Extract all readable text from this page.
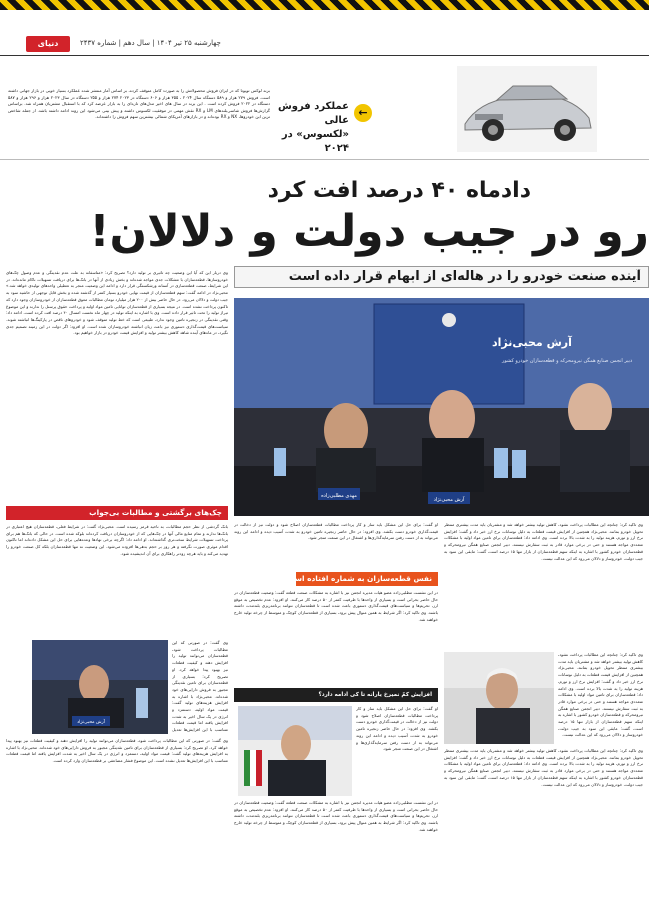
دنیای خودرو
چهارشنبه ۲۵ تیر ۱۴۰۴ | سال دهم | شماره ۲۴۳۷
عملکرد فروش عالی
«لکسوس» در ۲۰۲۴
←
برند لوکس تویوتا که در ایران فروش محصولاتش را به صورت کامل متوقف کرده، بر اساس آمار منتشر شده عملکرد بسیار خوبی در بازار جهانی داشته است. فروش ۲۷۹ هزار و ۵۸۹ دستگاه سال ۲۰۲۴ ، ۳۵۵ هزار و ۶۰۶ دستگاه در ۲۰۲۳ ۲۷۴ هزار و ۲۵۵ دستگاه در سال ۲۰۲۳ هزار و ۲۹۶ هزار و ۵۸۷ دستگاه در ۲۰۲۲ فروش کرده است . این برند در سال های اخیر مدل‌های تازه‌ای را به بازار عرضه کرد که با استقبال مشتریان همراه شد. براساس گزارش‌ها فروش شاسی‌بلندهای LM و RX نقش مهمی در موفقیت لکسوس داشته و پیش بینی می‌شود این روند ادامه داشته باشد. از جمله شاخص ترین این خودروها، NX و RX بوده‌اند و در بازارهای آمریکای شمالی بیشترین سهم فروش را داشته‌اند.
دادماه ۴۰ درصد افت کرد
رو در جیب دولت و دلالان!
آینده صنعت خودرو را در هاله‌ای از ابهام قرار داده است
وی دربار این که آیا این وضعیت چه تاثیری بر تولید دارد؟ تصریح کرد: «متاسفانه به علت عدم نقدینگی و عدم وصول چک‌های خودروسازها، قطعه‌سازان با مشکلات جدی مواجه شده‌اند و بخش زیادی از آنها در بانک‌ها برای دریافت تسهیلات ناکام مانده‌اند. در این شرایط، صنعت قطعه‌سازی در آستانه ورشکستگی قرار دارد و ادامه این وضعیت منجر به تعطیلی واحدهای تولیدی خواهد شد.» محبی‌نژاد در ادامه گفت: سهم قطعه‌سازان از قیمت نهایی خودرو بسیار کمتر از گذشته شده و بخش قابل توجهی از حاشیه سود به جیب دولت و دلالان می‌رود. در حال حاضر بیش از ۲۰۰ هزار میلیارد تومان مطالبات معوق قطعه‌سازان از خودروسازان وجود دارد که تاکنون پرداخت نشده است. در نتیجه بسیاری از قطعه‌سازان توانایی تامین مواد اولیه و پرداخت حقوق پرسنل را ندارند و این موضوع تیراژ تولید را تحت تاثیر قرار داده است. وی با اشاره به اینکه تولید در چهار ماه نخست امسال ۴۰ درصد افت کرده است، ادامه داد: وقتی نقدینگی در زنجیره تامین وجود ندارد، طبیعی است که خط تولید متوقف شود و خودروهای ناقص در پارکینگ‌ها انباشته شوند. سیاست‌های قیمت‌گذاری دستوری نیز باعث زیان انباشته خودروسازان شده است. او افزود: اگر دولت در این زمینه تصمیم جدی نگیرد، در ماه‌های آینده شاهد کاهش بیشتر تولید و افزایش قیمت خودرو در بازار خواهیم بود.
آرش محبی‌نژاد
دبیر انجمن صنایع همگن نیرومحرکه و قطعه‌سازان خودرو کشور
مهدی مطلبی‌زاده
آرش محبی‌نژاد
چک‌های برگشتی و مطالبات بی‌جواب
بانک گردشی از نظر حجم مطالبات، به ناحیه قرمز رسیده است. محبی‌نژاد گفت: در شرایط فعلی، قطعه‌سازان هیچ اعتباری در بانک‌ها ندارند و تمام منابع مالی آنها در چک‌هایی که از خودروسازان دریافت کرده‌اند بلوکه شده است. در حالی که بانک‌ها هم برای پرداخت تسهیلات شرایط سخت‌تری گذاشته‌اند. او ادامه داد: اگرچه برخی نهادها وعده‌هایی برای حل این مشکل داده‌اند اما تاکنون اقدام موثری صورت نگرفته و هر روز بر حجم بدهی‌ها افزوده می‌شود. این وضعیت نه تنها قطعه‌سازان بلکه کل صنعت خودرو را تهدید می‌کند و باید هرچه زودتر راهکاری برای آن اندیشیده شود.
آرش محبی‌نژاد
وی گفت: در صورتی که این مطالبات پرداخت شود، قطعه‌سازان می‌توانند تولید را افزایش دهند و کیفیت قطعات نیز بهبود پیدا خواهد کرد. او تصریح کرد: بسیاری از قطعه‌سازان برای تامین نقدینگی مجبور به فروش دارایی‌های خود شده‌اند. محبی‌نژاد با اشاره به افزایش هزینه‌های تولید گفت: قیمت مواد اولیه، دستمزد و انرژی در یک سال اخیر به شدت افزایش یافته اما قیمت قطعات متناسب با این افزایش‌ها تعدیل
وی گفت: در صورتی که این مطالبات پرداخت شود، قطعه‌سازان می‌توانند تولید را افزایش دهند و کیفیت قطعات نیز بهبود پیدا خواهد کرد. او تصریح کرد: بسیاری از قطعه‌سازان برای تامین نقدینگی مجبور به فروش دارایی‌های خود شده‌اند. محبی‌نژاد با اشاره به افزایش هزینه‌های تولید گفت: قیمت مواد اولیه، دستمزد و انرژی در یک سال اخیر به شدت افزایش یافته اما قیمت قطعات متناسب با این افزایش‌ها تعدیل نشده است. این موضوع فشار مضاعفی بر قطعه‌سازان وارد کرده است.
او گفت: برای حل این مشکل باید ساز و کار پرداخت مطالبات قطعه‌سازان اصلاح شود و دولت نیز از دخالت در قیمت‌گذاری خودرو دست بکشد. وی افزود: در حال حاضر زنجیره تامین خودرو به شدت آسیب دیده و ادامه این روند می‌تواند به از دست رفتن سرمایه‌گذاری‌ها و اشتغال در این صنعت منجر شود.
نفس قطعه‌سازان به شماره افتاده است
در این نشست مطلبی‌زاده عضو هیات مدیره انجمن نیز با اشاره به مشکلات صنعت قطعه گفت: وضعیت قطعه‌سازان در حال حاضر بحرانی است و بسیاری از واحدها با ظرفیت کمتر از ۵۰ درصد کار می‌کنند. او افزود: عدم تخصیص به موقع ارز، تحریم‌ها و سیاست‌های قیمت‌گذاری دستوری باعث شده است تا قطعه‌سازان نتوانند برنامه‌ریزی بلندمدت داشته باشند. وی تاکید کرد: اگر شرایط به همین منوال پیش برود، بسیاری از قطعه‌سازان کوچک و متوسط از چرخه تولید خارج خواهند شد.
افزایش کمّ نمیرخ یارانه تا کی ادامه دارد؟
او گفت: برای حل این مشکل باید ساز و کار پرداخت مطالبات قطعه‌سازان اصلاح شود و دولت نیز از دخالت در قیمت‌گذاری خودرو دست بکشد. وی افزود: در حال حاضر زنجیره تامین خودرو به شدت آسیب دیده و ادامه این روند می‌تواند به از دست رفتن سرمایه‌گذاری‌ها و اشتغال در این صنعت منجر شود.
در این نشست مطلبی‌زاده عضو هیات مدیره انجمن نیز با اشاره به مشکلات صنعت قطعه گفت: وضعیت قطعه‌سازان در حال حاضر بحرانی است و بسیاری از واحدها با ظرفیت کمتر از ۵۰ درصد کار می‌کنند. او افزود: عدم تخصیص به موقع ارز، تحریم‌ها و سیاست‌های قیمت‌گذاری دستوری باعث شده است تا قطعه‌سازان نتوانند برنامه‌ریزی بلندمدت داشته باشند. وی تاکید کرد: اگر شرایط به همین منوال پیش برود، بسیاری از قطعه‌سازان کوچک و متوسط از چرخه تولید خارج خواهند شد.
وی تاکید کرد: چنانچه این مطالبات پرداخت نشود، کاهش تولید بیشتر خواهد شد و مشتریان باید مدت بیشتری منتظر تحویل خودرو بمانند. محبی‌نژاد همچنین از افزایش قیمت قطعات به دلیل نوسانات نرخ ارز خبر داد و گفت: افزایش نرخ ارز و تورم، هزینه تولید را به شدت بالا برده است. وی ادامه داد: قطعه‌سازان برای تامین مواد اولیه با مشکلات متعددی مواجه هستند و حتی در برخی موارد قادر به ثبت سفارش نیستند. دبیر انجمن صنایع همگن نیرومحرکه و قطعه‌سازان خودرو کشور با اشاره به اینکه سهم قطعه‌سازان از بازار تنها ۱۵ درصد است، گفت: مابقی این سود به جیب دولت، خودروساز و دلالان می‌رود که این عدالت نیست.
وی تاکید کرد: چنانچه این مطالبات پرداخت نشود، کاهش تولید بیشتر خواهد شد و مشتریان باید مدت بیشتری منتظر تحویل خودرو بمانند. محبی‌نژاد همچنین از افزایش قیمت قطعات به دلیل نوسانات نرخ ارز خبر داد و گفت: افزایش نرخ ارز و تورم، هزینه تولید را به شدت بالا برده است. وی ادامه داد: قطعه‌سازان برای تامین مواد اولیه با مشکلات متعددی مواجه هستند و حتی در برخی موارد قادر به ثبت سفارش نیستند. دبیر انجمن صنایع همگن نیرومحرکه و قطعه‌سازان خودرو کشور با اشاره به اینکه سهم قطعه‌سازان از بازار تنها ۱۵ درصد است، گفت: مابقی این سود به جیب دولت، خودروساز و دلالان می‌رود که این عدالت نیست.
وی تاکید کرد: چنانچه این مطالبات پرداخت نشود، کاهش تولید بیشتر خواهد شد و مشتریان باید مدت بیشتری منتظر تحویل خودرو بمانند. محبی‌نژاد همچنین از افزایش قیمت قطعات به دلیل نوسانات نرخ ارز خبر داد و گفت: افزایش نرخ ارز و تورم، هزینه تولید را به شدت بالا برده است. وی ادامه داد: قطعه‌سازان برای تامین مواد اولیه با مشکلات متعددی مواجه هستند و حتی در برخی موارد قادر به ثبت سفارش نیستند. دبیر انجمن صنایع همگن نیرومحرکه و قطعه‌سازان خودرو کشور با اشاره به اینکه سهم قطعه‌سازان از بازار تنها ۱۵ درصد است، گفت: مابقی این سود به جیب دولت، خودروساز و دلالان می‌رود که این عدالت نیست.
